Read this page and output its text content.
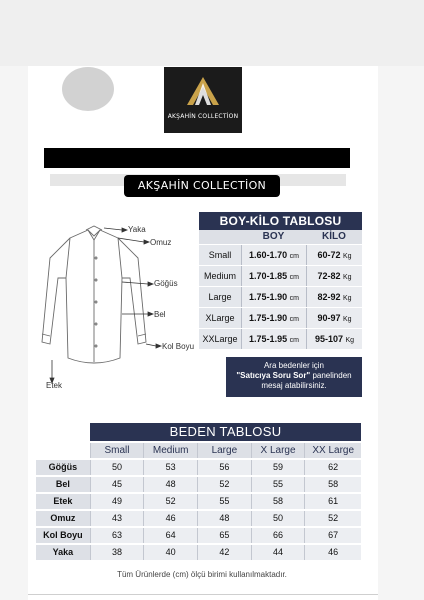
✕
AKŞAHİN COLLECTİON
AKŞAHİN COLLECTİON
Yaka
Omuz
Göğüs
Bel
Kol Boyu
Etek
BOY-KİLO TABLOSU
BOY	KİLO
Small	1.60-1.70 cm	60-72 Kg
Medium	1.70-1.85 cm	72-82 Kg
Large	1.75-1.90 cm	82-92 Kg
XLarge	1.75-1.90 cm	90-97 Kg
XXLarge	1.75-1.95 cm	95-107 Kg
Ara bedenler için
"Satıcıya Soru Sor" panelinden
mesaj atabilirsiniz.
BEDEN TABLOSU
Small	Medium	Large	X Large	XX Large
Göğüs	50	53	56	59	62
Bel	45	48	52	55	58
Etek	49	52	55	58	61
Omuz	43	46	48	50	52
Kol Boyu	63	64	65	66	67
Yaka	38	40	42	44	46
Tüm Ürünlerde (cm) ölçü birimi kullanılmaktadır.
